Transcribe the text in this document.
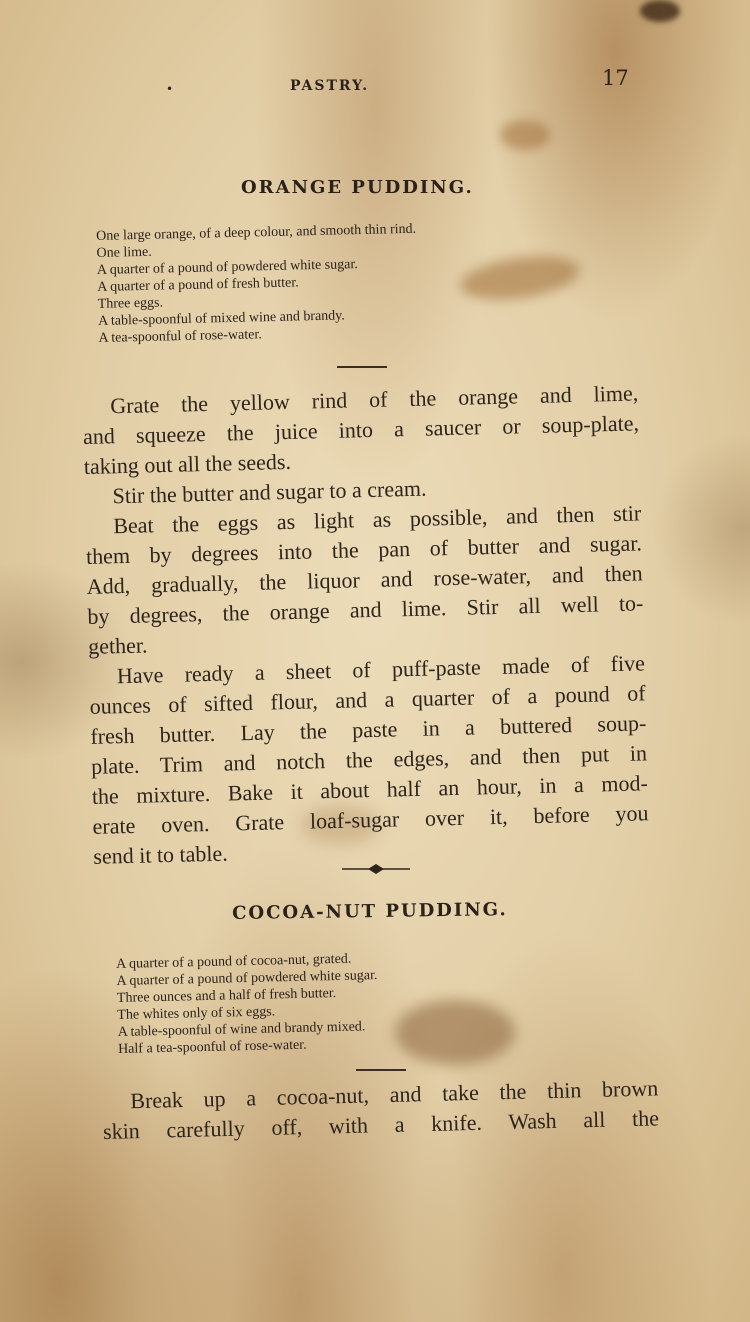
•	PASTRY.	17
ORANGE PUDDING.
One large orange, of a deep colour, and smooth thin rind.
One lime.
A quarter of a pound of powdered white sugar.
A quarter of a pound of fresh butter.
Three eggs.
A table-spoonful of mixed wine and brandy.
A tea-spoonful of rose-water.
Grate the yellow rind of the orange and lime,
and squeeze the juice into a saucer or soup-plate,
taking out all the seeds.
Stir the butter and sugar to a cream.
Beat the eggs as light as possible, and then stir
them by degrees into the pan of butter and sugar.
Add, gradually, the liquor and rose-water, and then
by degrees, the orange and lime. Stir all well to-
gether.
Have ready a sheet of puff-paste made of five
ounces of sifted flour, and a quarter of a pound of
fresh butter. Lay the paste in a buttered soup-
plate. Trim and notch the edges, and then put in
the mixture. Bake it about half an hour, in a mod-
erate oven. Grate loaf-sugar over it, before you
send it to table.
COCOA-NUT PUDDING.
A quarter of a pound of cocoa-nut, grated.
A quarter of a pound of powdered white sugar.
Three ounces and a half of fresh butter.
The whites only of six eggs.
A table-spoonful of wine and brandy mixed.
Half a tea-spoonful of rose-water.
Break up a cocoa-nut, and take the thin brown
skin carefully off, with a knife. Wash all the
